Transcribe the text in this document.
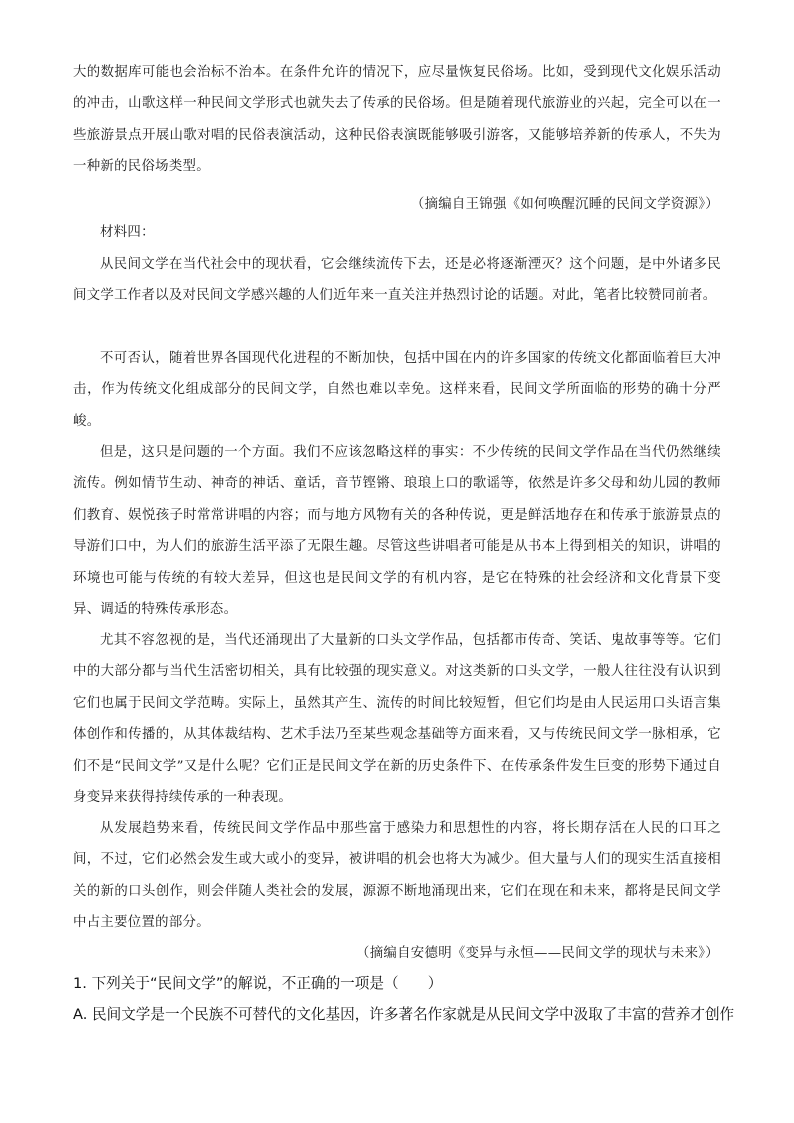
大的数据库可能也会治标不治本。在条件允许的情况下，应尽量恢复民俗场。比如，受到现代文化娱乐活动的冲击，山歌这样一种民间文学形式也就失去了传承的民俗场。但是随着现代旅游业的兴起，完全可以在一些旅游景点开展山歌对唱的民俗表演活动，这种民俗表演既能够吸引游客，又能够培养新的传承人，不失为一种新的民俗场类型。
（摘编自王锦强《如何唤醒沉睡的民间文学资源》）
材料四：
从民间文学在当代社会中的现状看，它会继续流传下去，还是必将逐渐湮灭？这个问题，是中外诸多民间文学工作者以及对民间文学感兴趣的人们近年来一直关注并热烈讨论的话题。对此，笔者比较赞同前者。
不可否认，随着世界各国现代化进程的不断加快，包括中国在内的许多国家的传统文化都面临着巨大冲击，作为传统文化组成部分的民间文学，自然也难以幸免。这样来看，民间文学所面临的形势的确十分严峻。
但是，这只是问题的一个方面。我们不应该忽略这样的事实：不少传统的民间文学作品在当代仍然继续流传。例如情节生动、神奇的神话、童话，音节铿锵、琅琅上口的歌谣等，依然是许多父母和幼儿园的教师们教育、娱悦孩子时常常讲唱的内容；而与地方风物有关的各种传说，更是鲜活地存在和传承于旅游景点的导游们口中，为人们的旅游生活平添了无限生趣。尽管这些讲唱者可能是从书本上得到相关的知识，讲唱的环境也可能与传统的有较大差异，但这也是民间文学的有机内容，是它在特殊的社会经济和文化背景下变异、调适的特殊传承形态。
尤其不容忽视的是，当代还涌现出了大量新的口头文学作品，包括都市传奇、笑话、鬼故事等等。它们中的大部分都与当代生活密切相关，具有比较强的现实意义。对这类新的口头文学，一般人往往没有认识到它们也属于民间文学范畴。实际上，虽然其产生、流传的时间比较短暂，但它们均是由人民运用口头语言集体创作和传播的，从其体裁结构、艺术手法乃至某些观念基础等方面来看，又与传统民间文学一脉相承，它们不是“民间文学”又是什么呢？它们正是民间文学在新的历史条件下、在传承条件发生巨变的形势下通过自身变异来获得持续传承的一种表现。
从发展趋势来看，传统民间文学作品中那些富于感染力和思想性的内容，将长期存活在人民的口耳之间，不过，它们必然会发生或大或小的变异，被讲唱的机会也将大为减少。但大量与人们的现实生活直接相关的新的口头创作，则会伴随人类社会的发展，源源不断地涌现出来，它们在现在和未来，都将是民间文学中占主要位置的部分。
（摘编自安德明《变异与永恒——民间文学的现状与未来》）
1. 下列关于“民间文学”的解说，不正确的一项是（　　）
A. 民间文学是一个民族不可替代的文化基因，许多著名作家就是从民间文学中汲取了丰富的营养才创作
